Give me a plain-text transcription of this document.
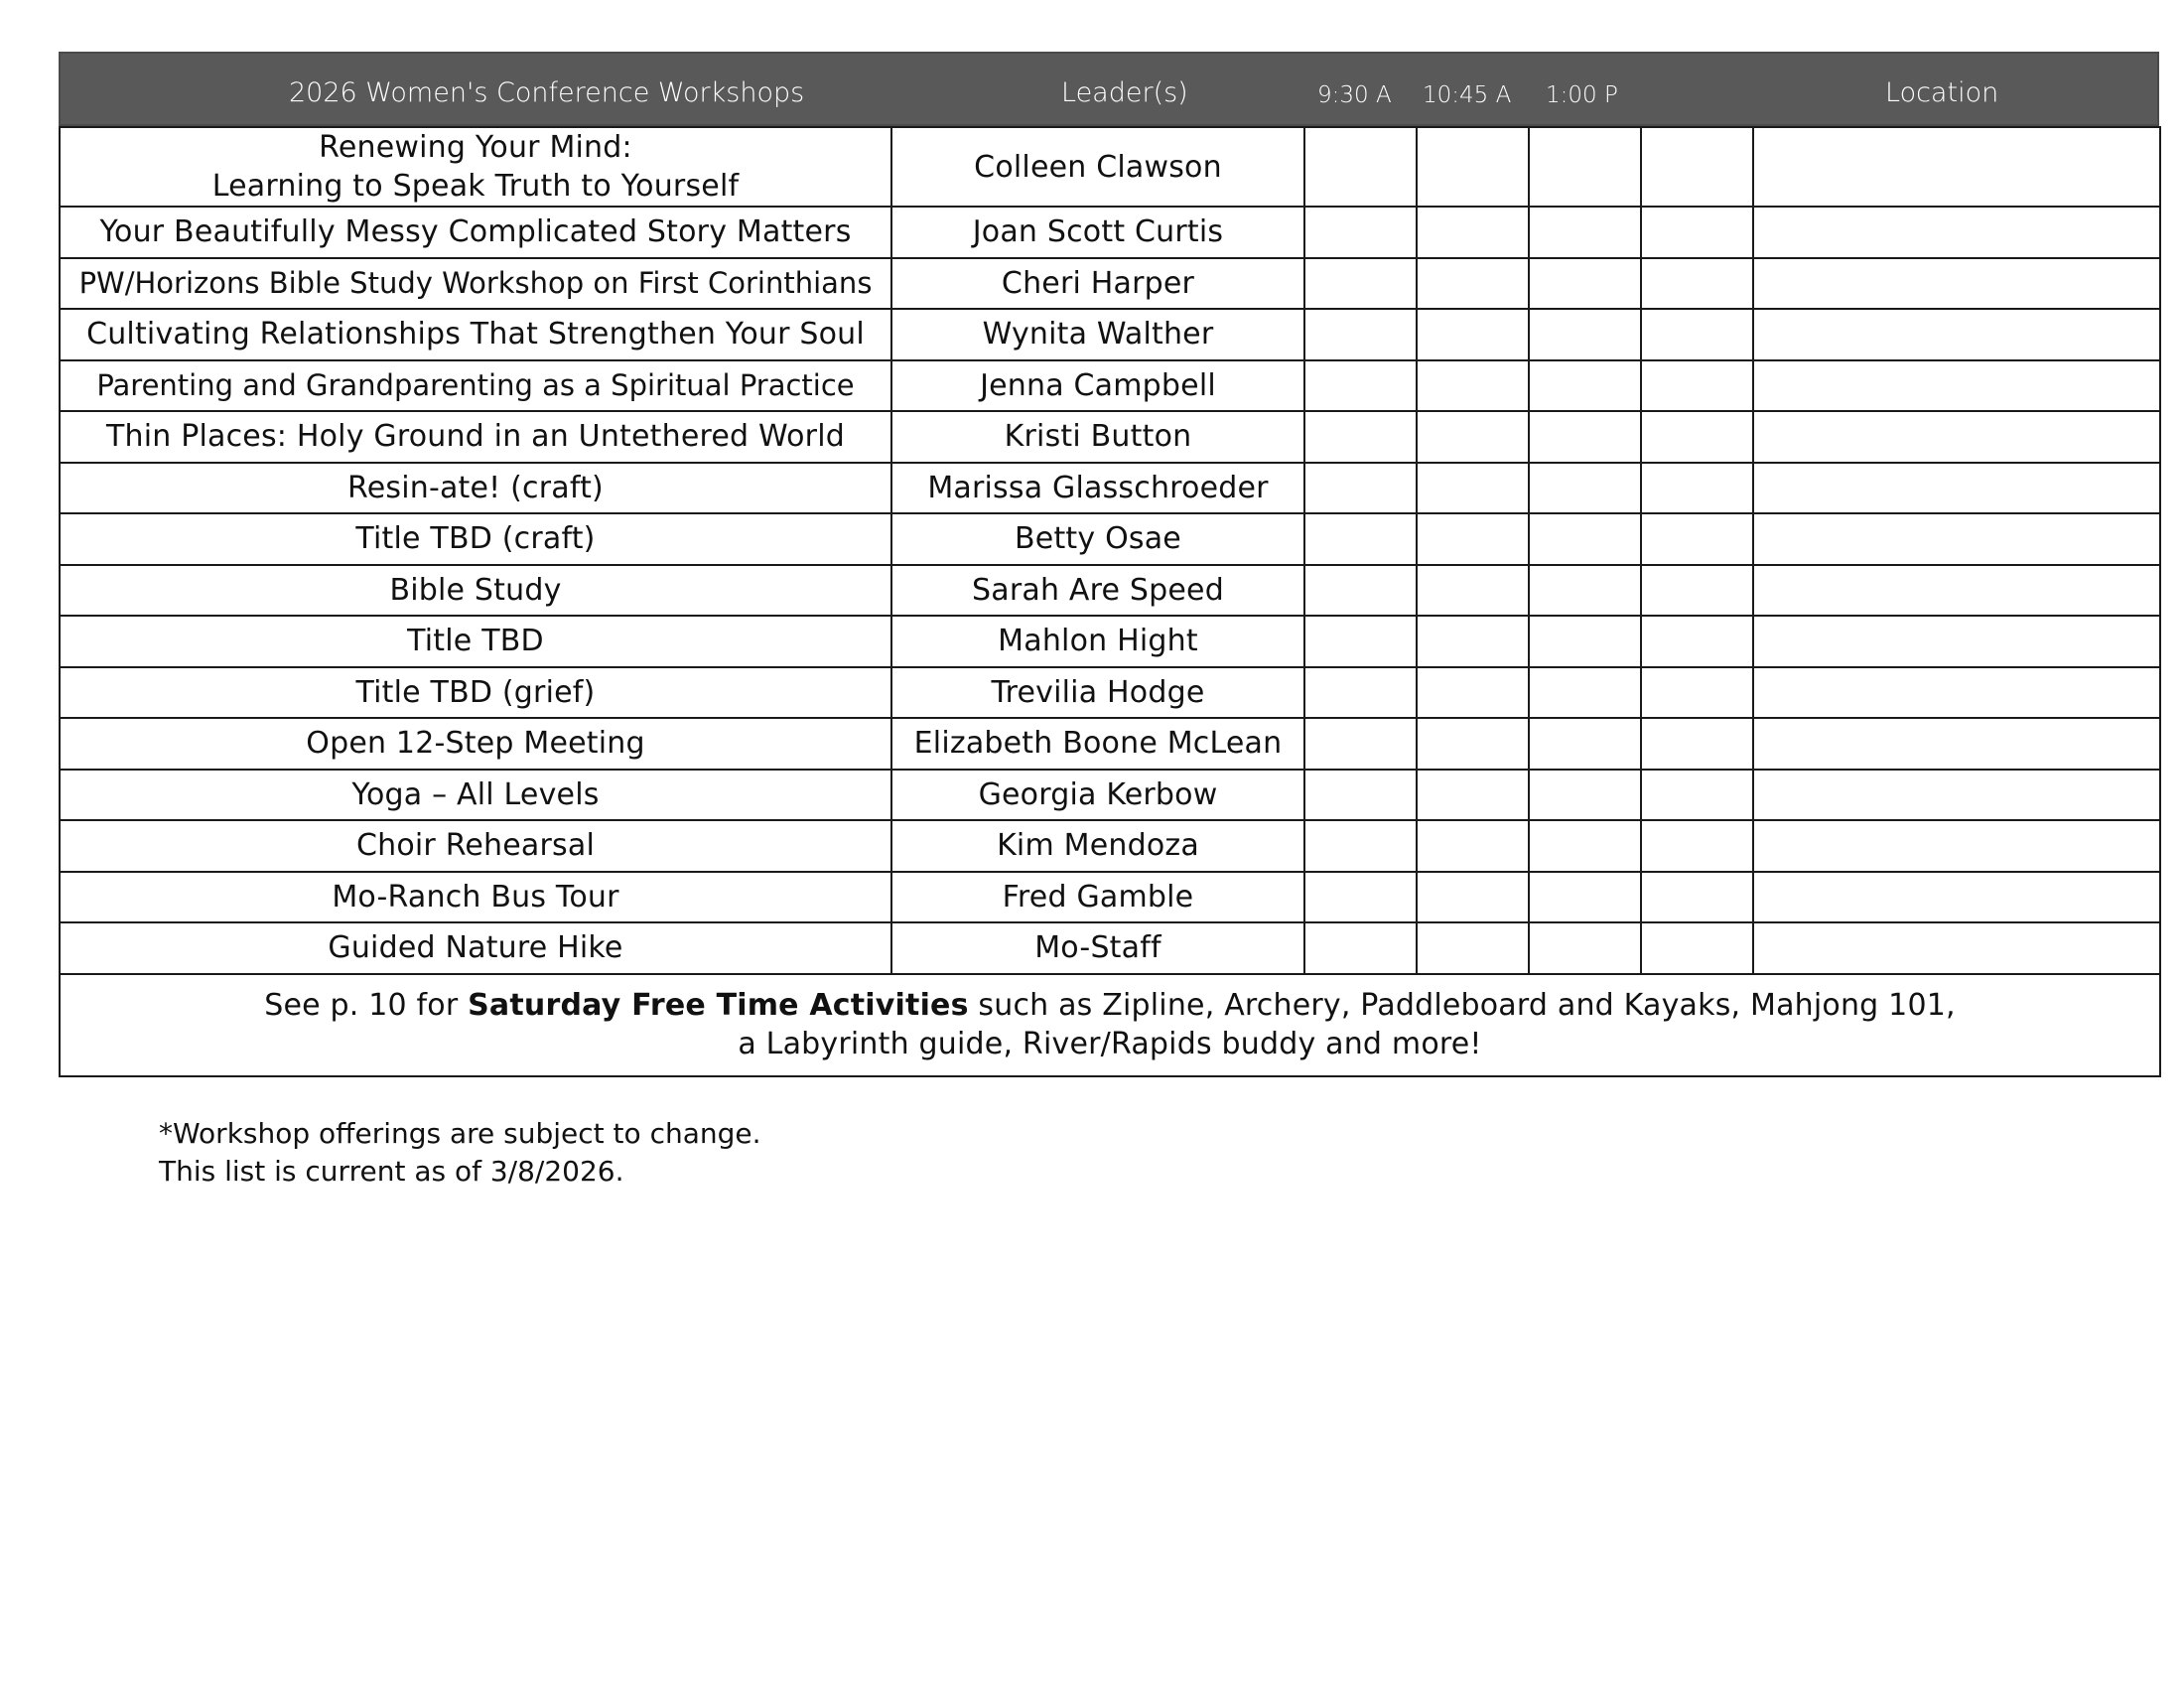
2026 Women's Conference Workshops	Leader(s)	9:30 A 10:45 A 1:00 P	Location
Renewing Your Mind:
Learning to Speak Truth to Yourself	Colleen Clawson					
Your Beautifully Messy Complicated Story Matters	Joan Scott Curtis					
PW/Horizons Bible Study Workshop on First Corinthians	Cheri Harper					
Cultivating Relationships That Strengthen Your Soul	Wynita Walther					
Parenting and Grandparenting as a Spiritual Practice	Jenna Campbell					
Thin Places: Holy Ground in an Untethered World	Kristi Button					
Resin-ate! (craft)	Marissa Glasschroeder					
Title TBD (craft)	Betty Osae					
Bible Study	Sarah Are Speed					
Title TBD	Mahlon Hight					
Title TBD (grief)	Trevilia Hodge					
Open 12-Step Meeting	Elizabeth Boone McLean					
Yoga – All Levels	Georgia Kerbow					
Choir Rehearsal	Kim Mendoza					
Mo-Ranch Bus Tour	Fred Gamble					
Guided Nature Hike	Mo-Staff					

See p. 10 for Saturday Free Time Activities such as Zipline, Archery, Paddleboard and Kayaks, Mahjong 101,
a Labyrinth guide, River/Rapids buddy and more!						
*Workshop offerings are subject to change.
This list is current as of 3/8/2026.
